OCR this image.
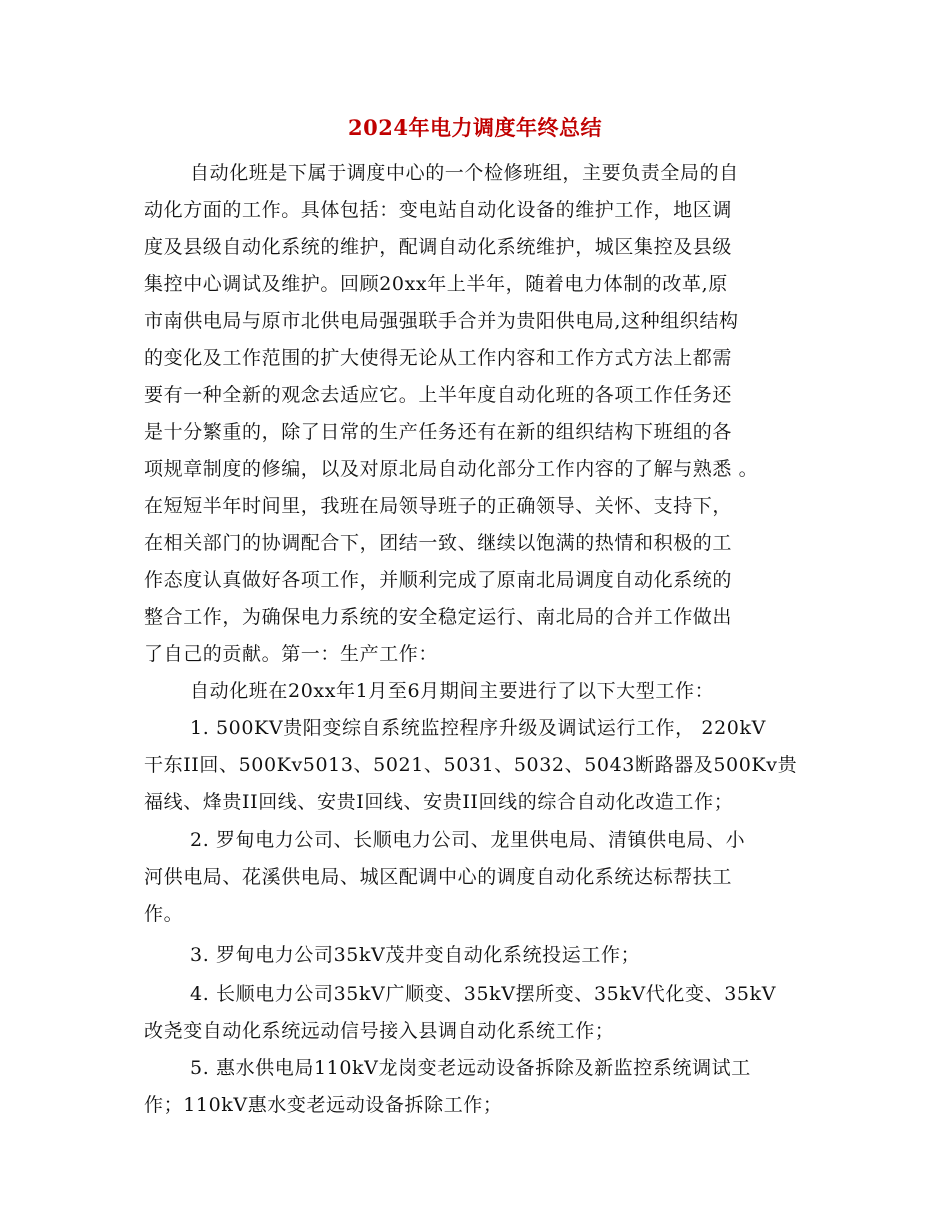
2024年电力调度年终总结
自动化班是下属于调度中心的一个检修班组，主要负责全局的自
动化方面的工作。具体包括：变电站自动化设备的维护工作，地区调
度及县级自动化系统的维护，配调自动化系统维护，城区集控及县级
集控中心调试及维护。回顾20xx年上半年，随着电力体制的改革,原
市南供电局与原市北供电局强强联手合并为贵阳供电局,这种组织结构
的变化及工作范围的扩大使得无论从工作内容和工作方式方法上都需
要有一种全新的观念去适应它。上半年度自动化班的各项工作任务还
是十分繁重的，除了日常的生产任务还有在新的组织结构下班组的各
项规章制度的修编，以及对原北局自动化部分工作内容的了解与熟悉 。
在短短半年时间里，我班在局领导班子的正确领导、关怀、支持下，
在相关部门的协调配合下，团结一致、继续以饱满的热情和积极的工
作态度认真做好各项工作，并顺利完成了原南北局调度自动化系统的
整合工作，为确保电力系统的安全稳定运行、南北局的合并工作做出
了自己的贡献。第一：生产工作：
自动化班在20xx年1月至6月期间主要进行了以下大型工作：
1. 500KV贵阳变综自系统监控程序升级及调试运行工作， 220kV
干东II回、500Kv5013、5021、5031、5032、5043断路器及500Kv贵
福线、烽贵II回线、安贵I回线、安贵II回线的综合自动化改造工作；
2. 罗甸电力公司、长顺电力公司、龙里供电局、清镇供电局、小
河供电局、花溪供电局、城区配调中心的调度自动化系统达标帮扶工
作。
3. 罗甸电力公司35kV茂井变自动化系统投运工作；
4. 长顺电力公司35kV广顺变、35kV摆所变、35kV代化变、35kV
改尧变自动化系统远动信号接入县调自动化系统工作；
5. 惠水供电局110kV龙岗变老远动设备拆除及新监控系统调试工
作；110kV惠水变老远动设备拆除工作；
